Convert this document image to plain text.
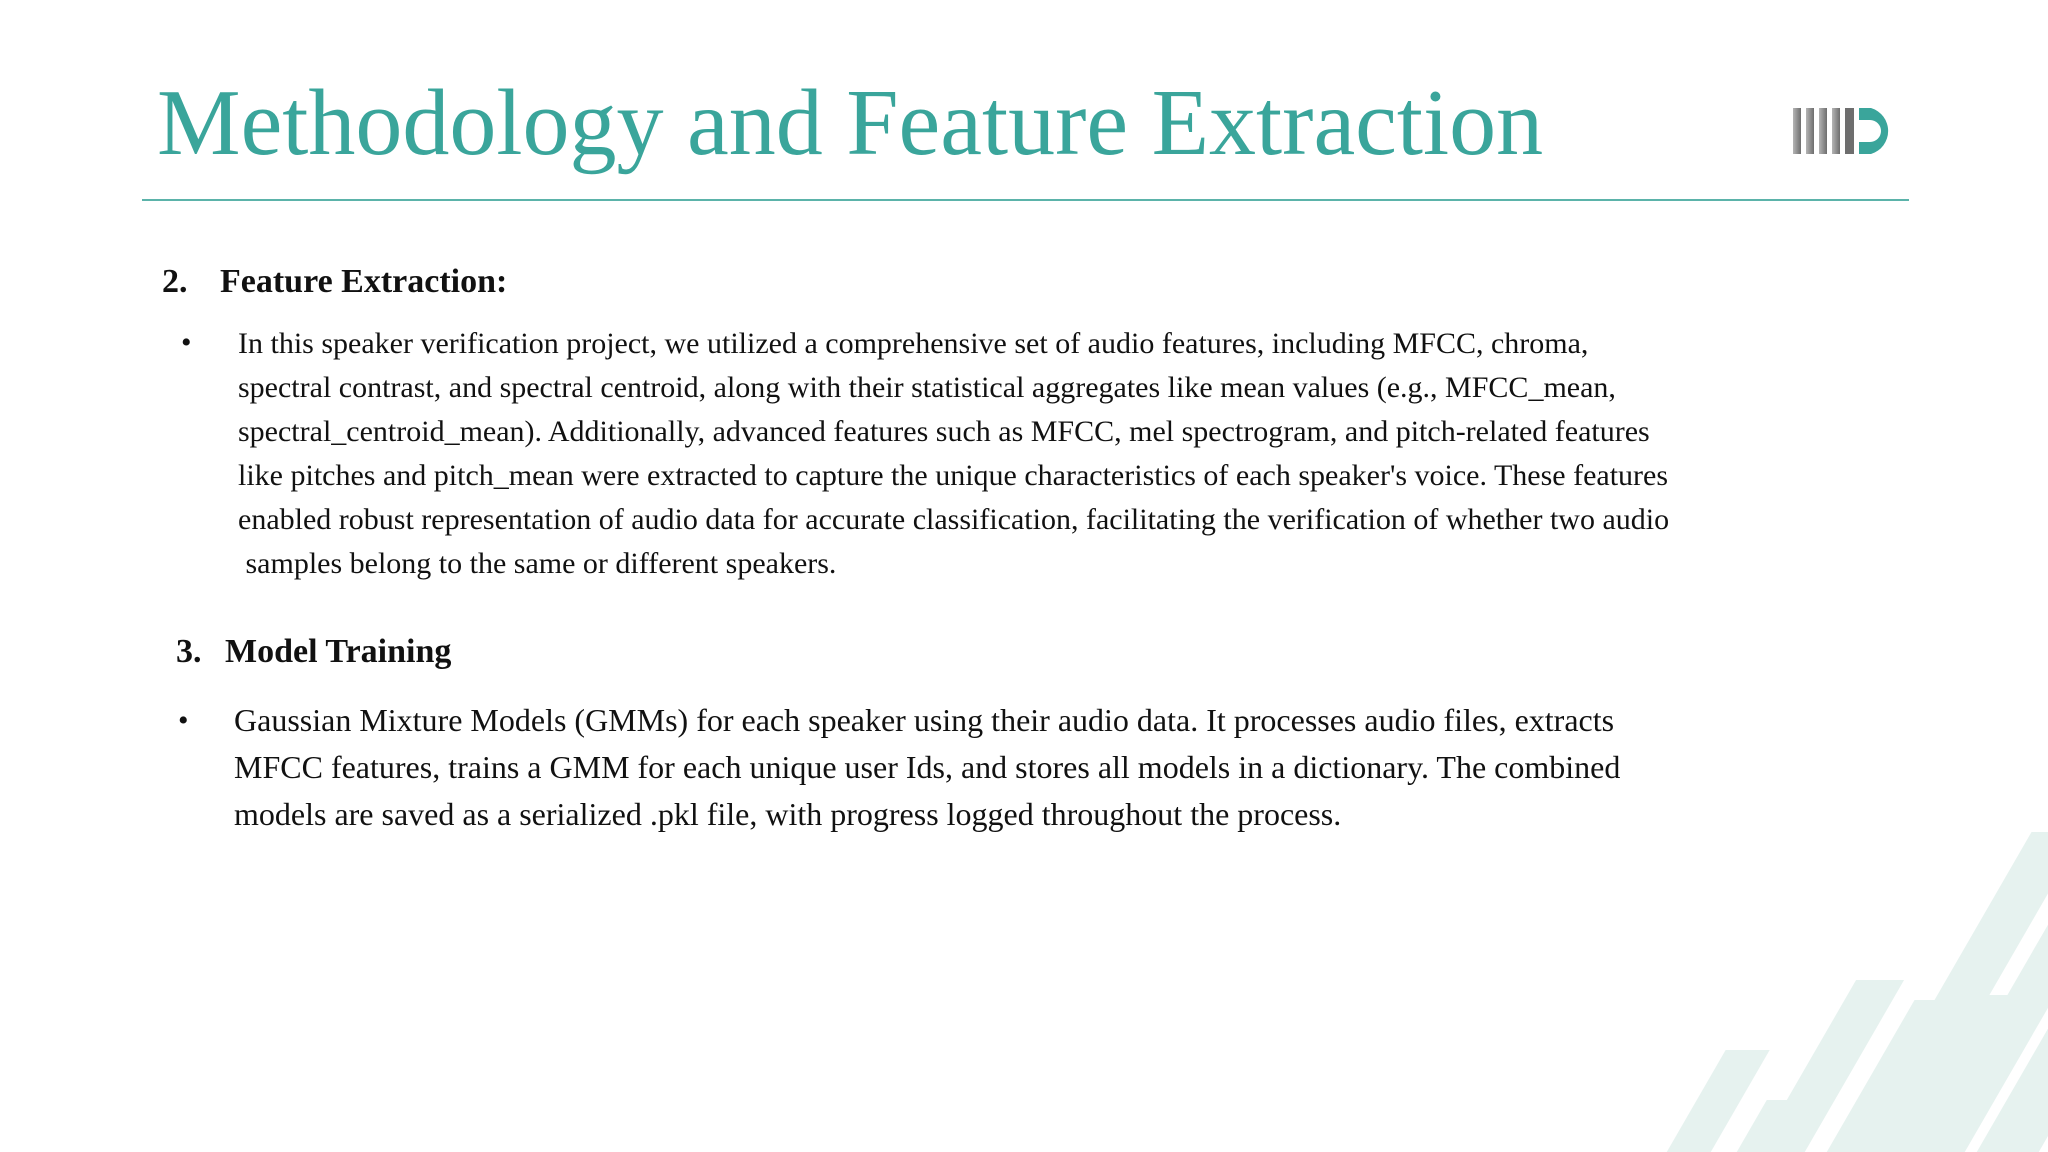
Methodology and Feature Extraction
2. Feature Extraction:
• In this speaker verification project, we utilized a comprehensive set of audio features, including MFCC, chroma,
spectral contrast, and spectral centroid, along with their statistical aggregates like mean values (e.g., MFCC_mean,
spectral_centroid_mean). Additionally, advanced features such as MFCC, mel spectrogram, and pitch-related features
like pitches and pitch_mean were extracted to capture the unique characteristics of each speaker's voice. These features
enabled robust representation of audio data for accurate classification, facilitating the verification of whether two audio
samples belong to the same or different speakers.
3. Model Training
• Gaussian Mixture Models (GMMs) for each speaker using their audio data. It processes audio files, extracts
MFCC features, trains a GMM for each unique user Ids, and stores all models in a dictionary. The combined
models are saved as a serialized .pkl file, with progress logged throughout the process.
